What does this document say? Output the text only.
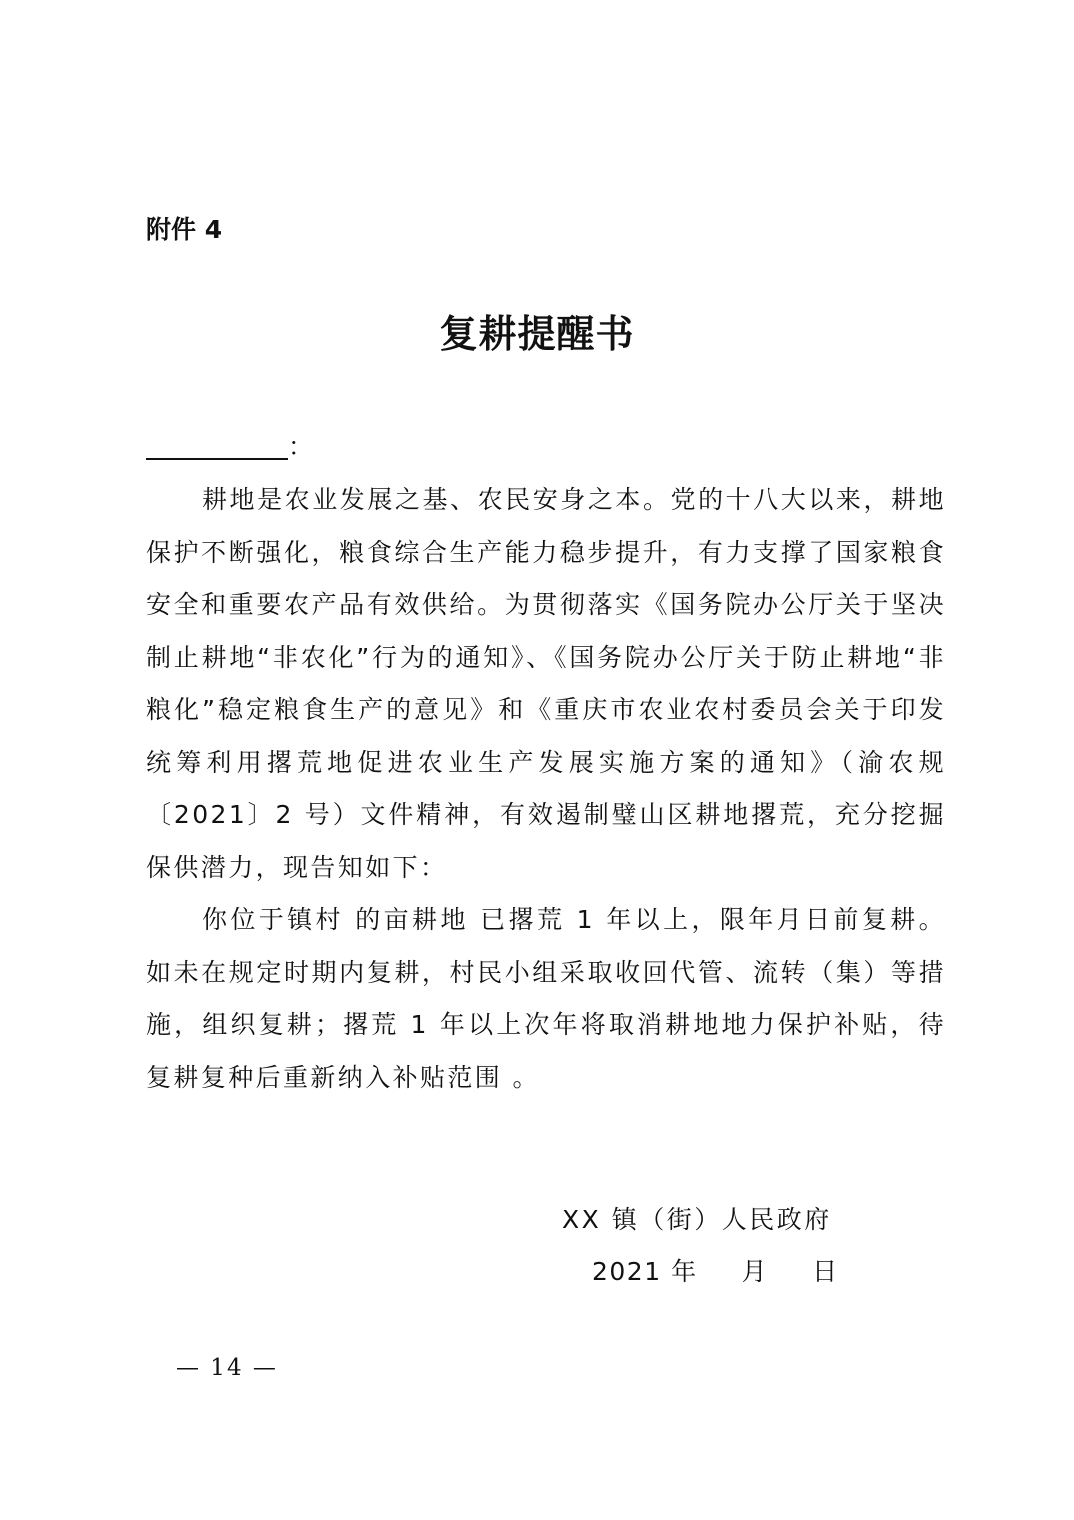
附件 4
复耕提醒书
：

耕地是农业发展之基、农民安身之本。党的十八大以来，耕地保护不断强化，粮食综合生产能力稳步提升，有力支撑了国家粮食安全和重要农产品有效供给。为贯彻落实《国务院办公厅关于坚决制止耕地“非农化”行为的通知》、《国务院办公厅关于防止耕地“非粮化”稳定粮食生产的意见》和《重庆市农业农村委员会关于印发统筹利用撂荒地促进农业生产发展实施方案的通知》（渝农规〔2021〕2 号）文件精神，有效遏制璧山区耕地撂荒，充分挖掘保供潜力，现告知如下：

你位于镇村 的亩耕地 已撂荒 1 年以上，限年月日前复耕。如未在规定时期内复耕，村民小组采取收回代管、流转（集）等措施，组织复耕；撂荒 1 年以上次年将取消耕地地力保护补贴，待复耕复种后重新纳入补贴范围 。

XX 镇（街）人民政府
2021 年 月 日
— 14 —
